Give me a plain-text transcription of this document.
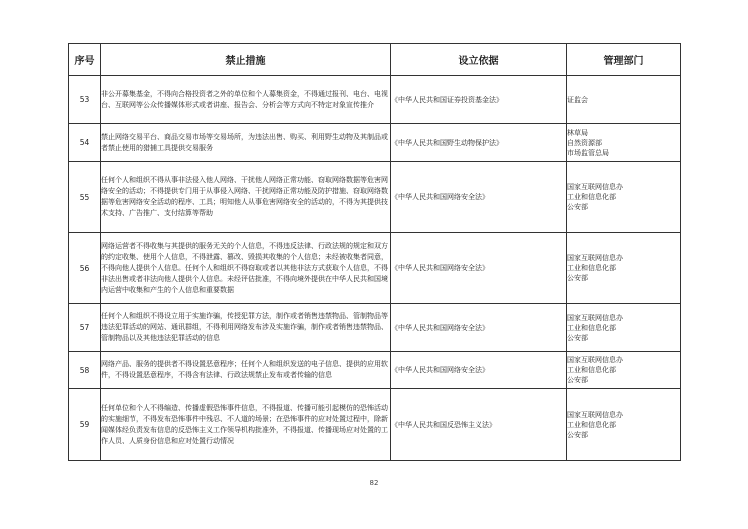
序号	禁止措施	设立依据	管理部门
53	非公开募集基金，不得向合格投资者之外的单位和个人募集资金，不得通过报刊、电台、电视台、互联网等公众传播媒体形式或者讲座、报告会、分析会等方式向不特定对象宣传推介	《中华人民共和国证券投资基金法》	证监会

54	禁止网络交易平台、商品交易市场等交易场所，为违法出售、购买、利用野生动物及其制品或者禁止使用的猎捕工具提供交易服务	《中华人民共和国野生动物保护法》	林草局
自然资源部
市场监管总局

55	任何个人和组织不得从事非法侵入他人网络、干扰他人网络正常功能、窃取网络数据等危害网络安全的活动；不得提供专门用于从事侵入网络、干扰网络正常功能及防护措施、窃取网络数据等危害网络安全活动的程序、工具；明知他人从事危害网络安全的活动的，不得为其提供技术支持、广告推广、支付结算等帮助	《中华人民共和国网络安全法》	国家互联网信息办
工业和信息化部
公安部

56	网络运营者不得收集与其提供的服务无关的个人信息，不得违反法律、行政法规的规定和双方的约定收集、使用个人信息，不得泄露、篡改、毁损其收集的个人信息；未经被收集者同意，不得向他人提供个人信息。任何个人和组织不得窃取或者以其他非法方式获取个人信息，不得非法出售或者非法向他人提供个人信息。未经评估批准，不得向境外提供在中华人民共和国境内运营中收集和产生的个人信息和重要数据	《中华人民共和国网络安全法》	国家互联网信息办
工业和信息化部
公安部

57	任何个人和组织不得设立用于实施诈骗，传授犯罪方法，制作或者销售违禁物品、管制物品等违法犯罪活动的网站、通讯群组，不得利用网络发布涉及实施诈骗，制作或者销售违禁物品、管制物品以及其他违法犯罪活动的信息	《中华人民共和国网络安全法》	国家互联网信息办
工业和信息化部
公安部

58	网络产品、服务的提供者不得设置恶意程序；任何个人和组织发送的电子信息、提供的应用软件，不得设置恶意程序，不得含有法律、行政法规禁止发布或者传输的信息	《中华人民共和国网络安全法》	国家互联网信息办
工业和信息化部
公安部

59	任何单位和个人不得编造、传播虚假恐怖事件信息，不得报道、传播可能引起模仿的恐怖活动的实施细节，不得发布恐怖事件中残忍、不人道的场景；在恐怖事件的应对处置过程中，除新闻媒体经负责发布信息的反恐怖主义工作领导机构批准外，不得报道、传播现场应对处置的工作人员、人质身份信息和应对处置行动情况	《中华人民共和国反恐怖主义法》	国家互联网信息办
工业和信息化部
公安部
82
